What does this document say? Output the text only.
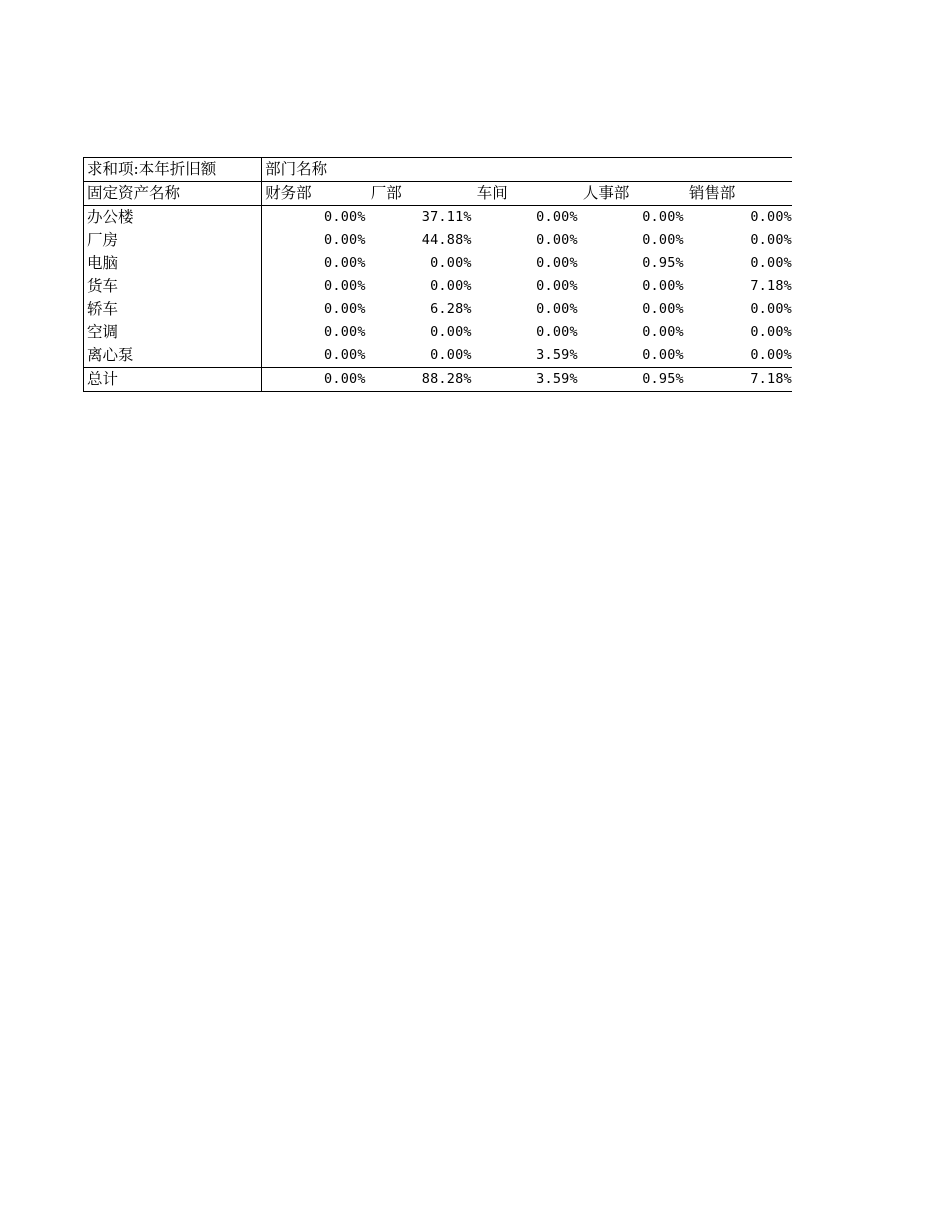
求和项:本年折旧额	部门名称				
固定资产名称	财务部	厂部	车间	人事部	销售部
办公楼	0.00%	37.11%	0.00%	0.00%	0.00%
厂房	0.00%	44.88%	0.00%	0.00%	0.00%
电脑	0.00%	0.00%	0.00%	0.95%	0.00%
货车	0.00%	0.00%	0.00%	0.00%	7.18%
轿车	0.00%	6.28%	0.00%	0.00%	0.00%
空调	0.00%	0.00%	0.00%	0.00%	0.00%
离心泵	0.00%	0.00%	3.59%	0.00%	0.00%
总计	0.00%	88.28%	3.59%	0.95%	7.18%
